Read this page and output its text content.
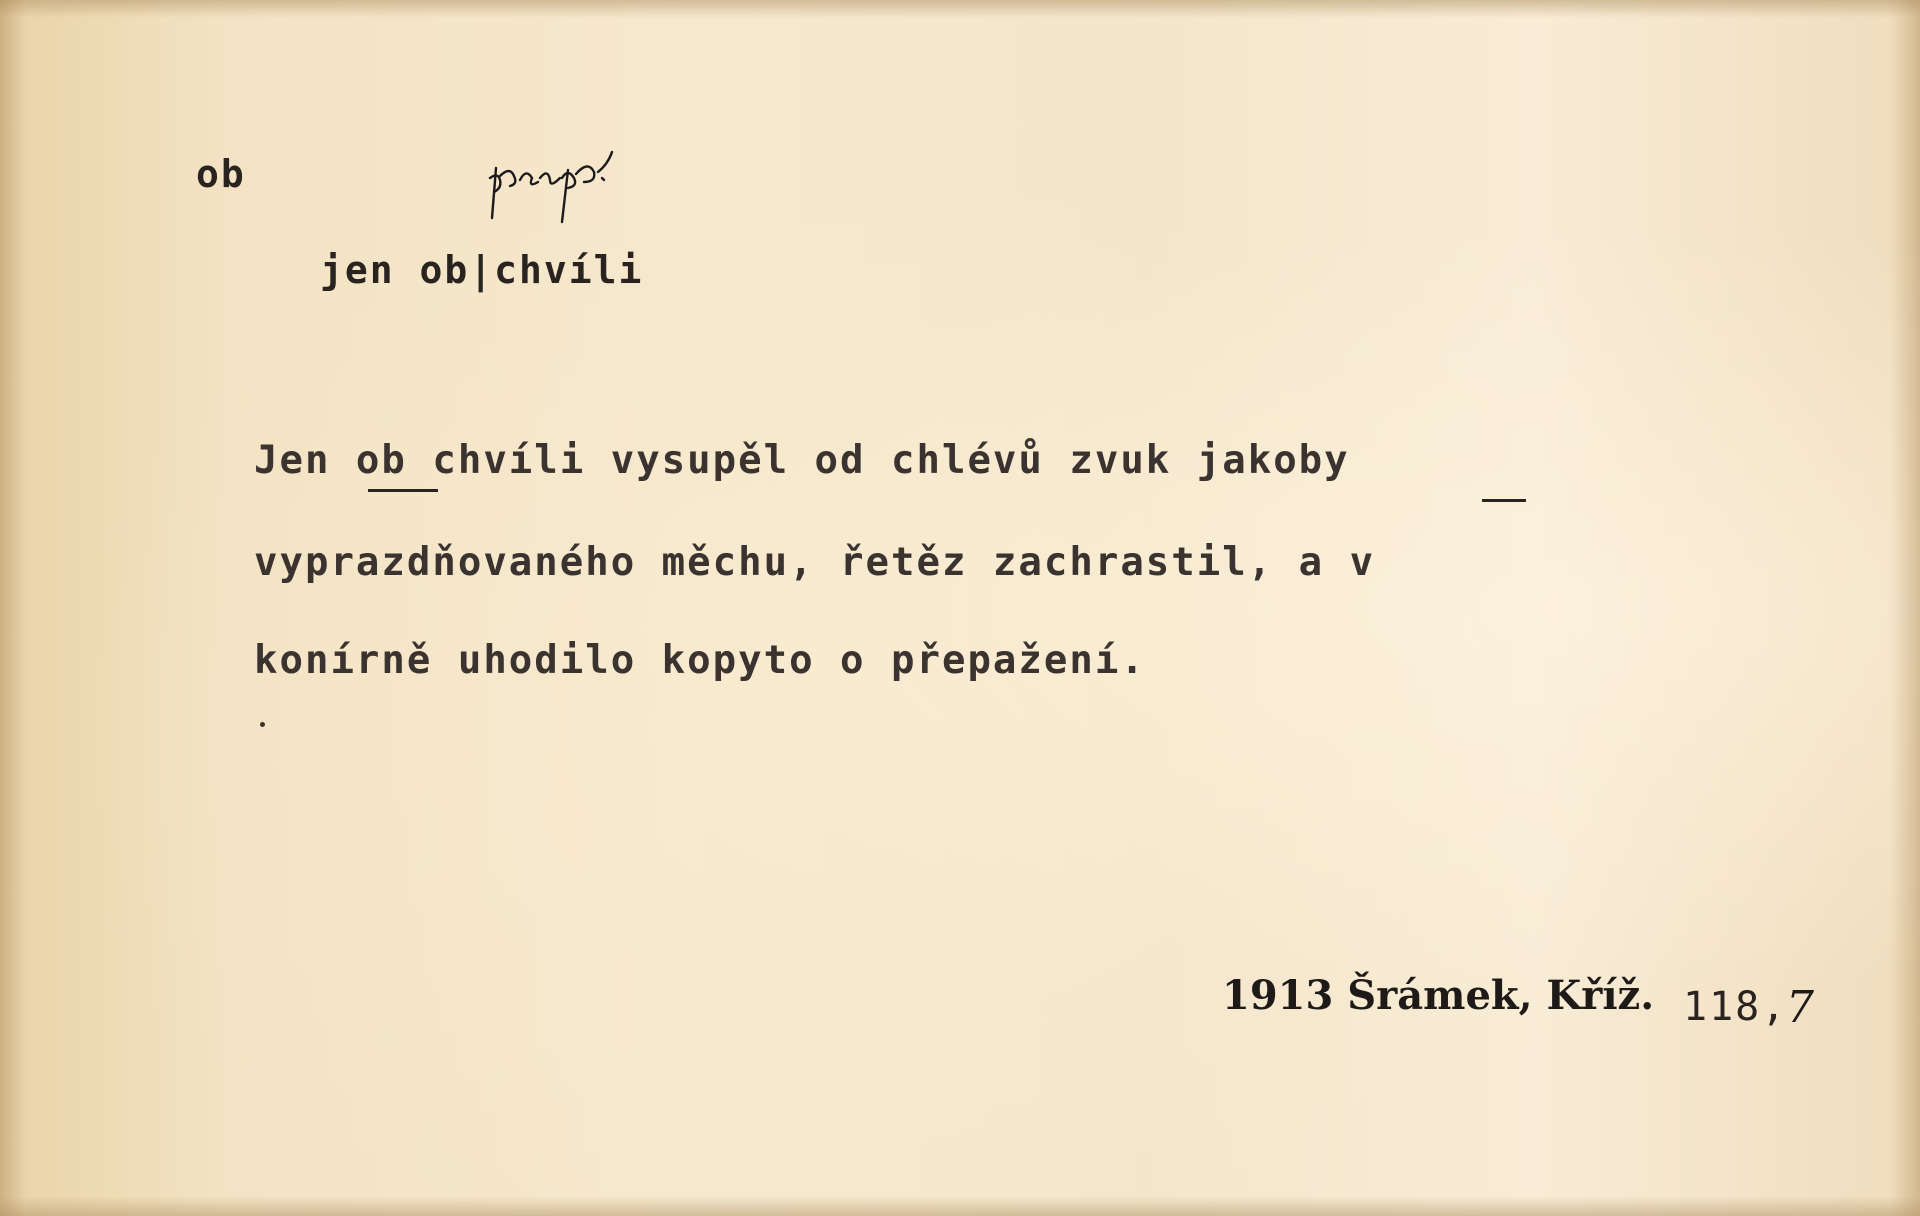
ob
jen ob|chvíli
Jen ob chvíli vysupěl od chlévů zvuk jakoby
vyprazdňovaného měchu, řetěz zachrastil, a v
konírně uhodilo kopyto o přepažení.
1913 Šrámek, Kříž. 118,
7
